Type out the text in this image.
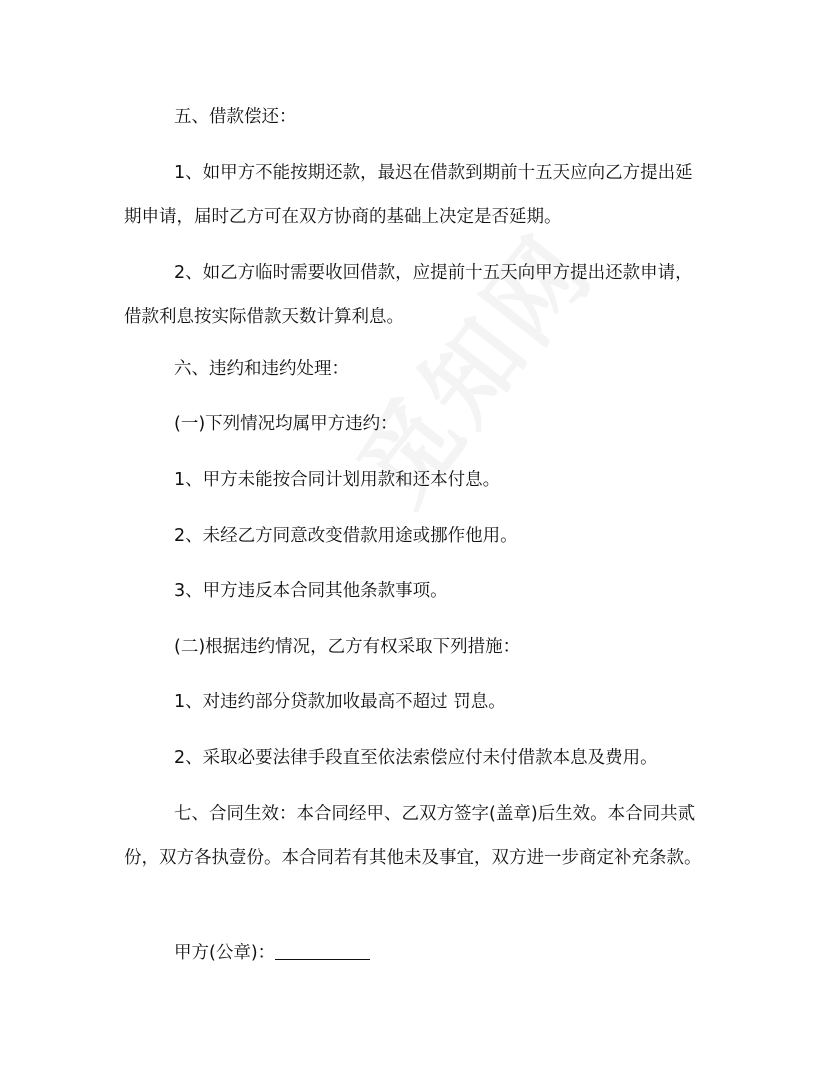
五、借款偿还：

1、如甲方不能按期还款，最迟在借款到期前十五天应向乙方提出延期申请，届时乙方可在双方协商的基础上决定是否延期。

2、如乙方临时需要收回借款，应提前十五天向甲方提出还款申请，借款利息按实际借款天数计算利息。

六、违约和违约处理：

(一)下列情况均属甲方违约：

1、甲方未能按合同计划用款和还本付息。

2、未经乙方同意改变借款用途或挪作他用。

3、甲方违反本合同其他条款事项。

(二)根据违约情况，乙方有权采取下列措施：

1、对违约部分贷款加收最高不超过 罚息。

2、采取必要法律手段直至依法索偿应付未付借款本息及费用。

七、合同生效：本合同经甲、乙双方签字(盖章)后生效。本合同共贰份，双方各执壹份。本合同若有其他未及事宜，双方进一步商定补充条款。

甲方(公章)：
